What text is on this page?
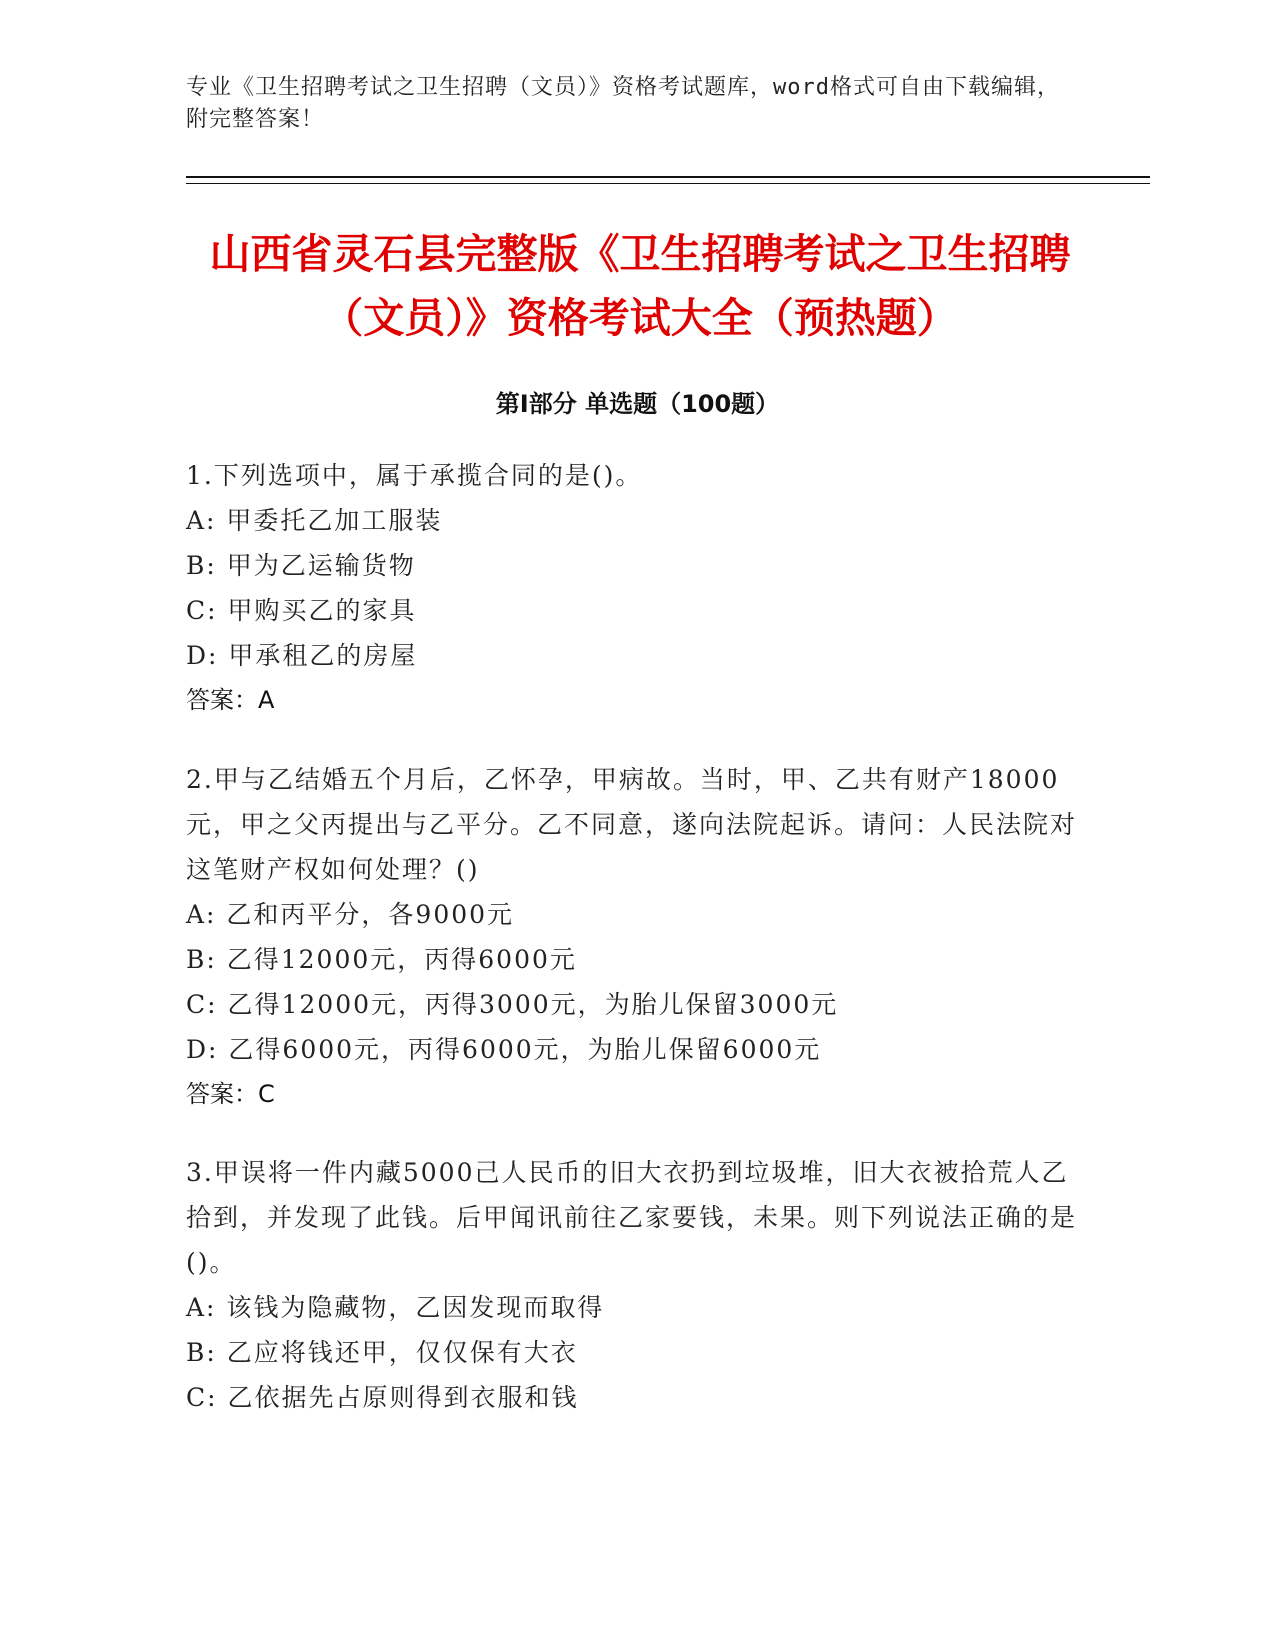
专业《卫生招聘考试之卫生招聘（文员）》资格考试题库，word格式可自由下载编辑，附完整答案！
山西省灵石县完整版《卫生招聘考试之卫生招聘（文员）》资格考试大全（预热题）
第Ⅰ部分 单选题（100题）

1.下列选项中，属于承揽合同的是()。

A: 甲委托乙加工服装

B: 甲为乙运输货物

C: 甲购买乙的家具

D: 甲承租乙的房屋

答案：A

2.甲与乙结婚五个月后，乙怀孕，甲病故。当时，甲、乙共有财产18000元，甲之父丙提出与乙平分。乙不同意，遂向法院起诉。请问：人民法院对这笔财产权如何处理？()

A: 乙和丙平分，各9000元

B: 乙得12000元，丙得6000元

C: 乙得12000元，丙得3000元，为胎儿保留3000元

D: 乙得6000元，丙得6000元，为胎儿保留6000元

答案：C

3.甲误将一件内藏5000己人民币的旧大衣扔到垃圾堆，旧大衣被拾荒人乙拾到，并发现了此钱。后甲闻讯前往乙家要钱，未果。则下列说法正确的是()。

A: 该钱为隐藏物，乙因发现而取得

B: 乙应将钱还甲，仅仅保有大衣

C: 乙依据先占原则得到衣服和钱
